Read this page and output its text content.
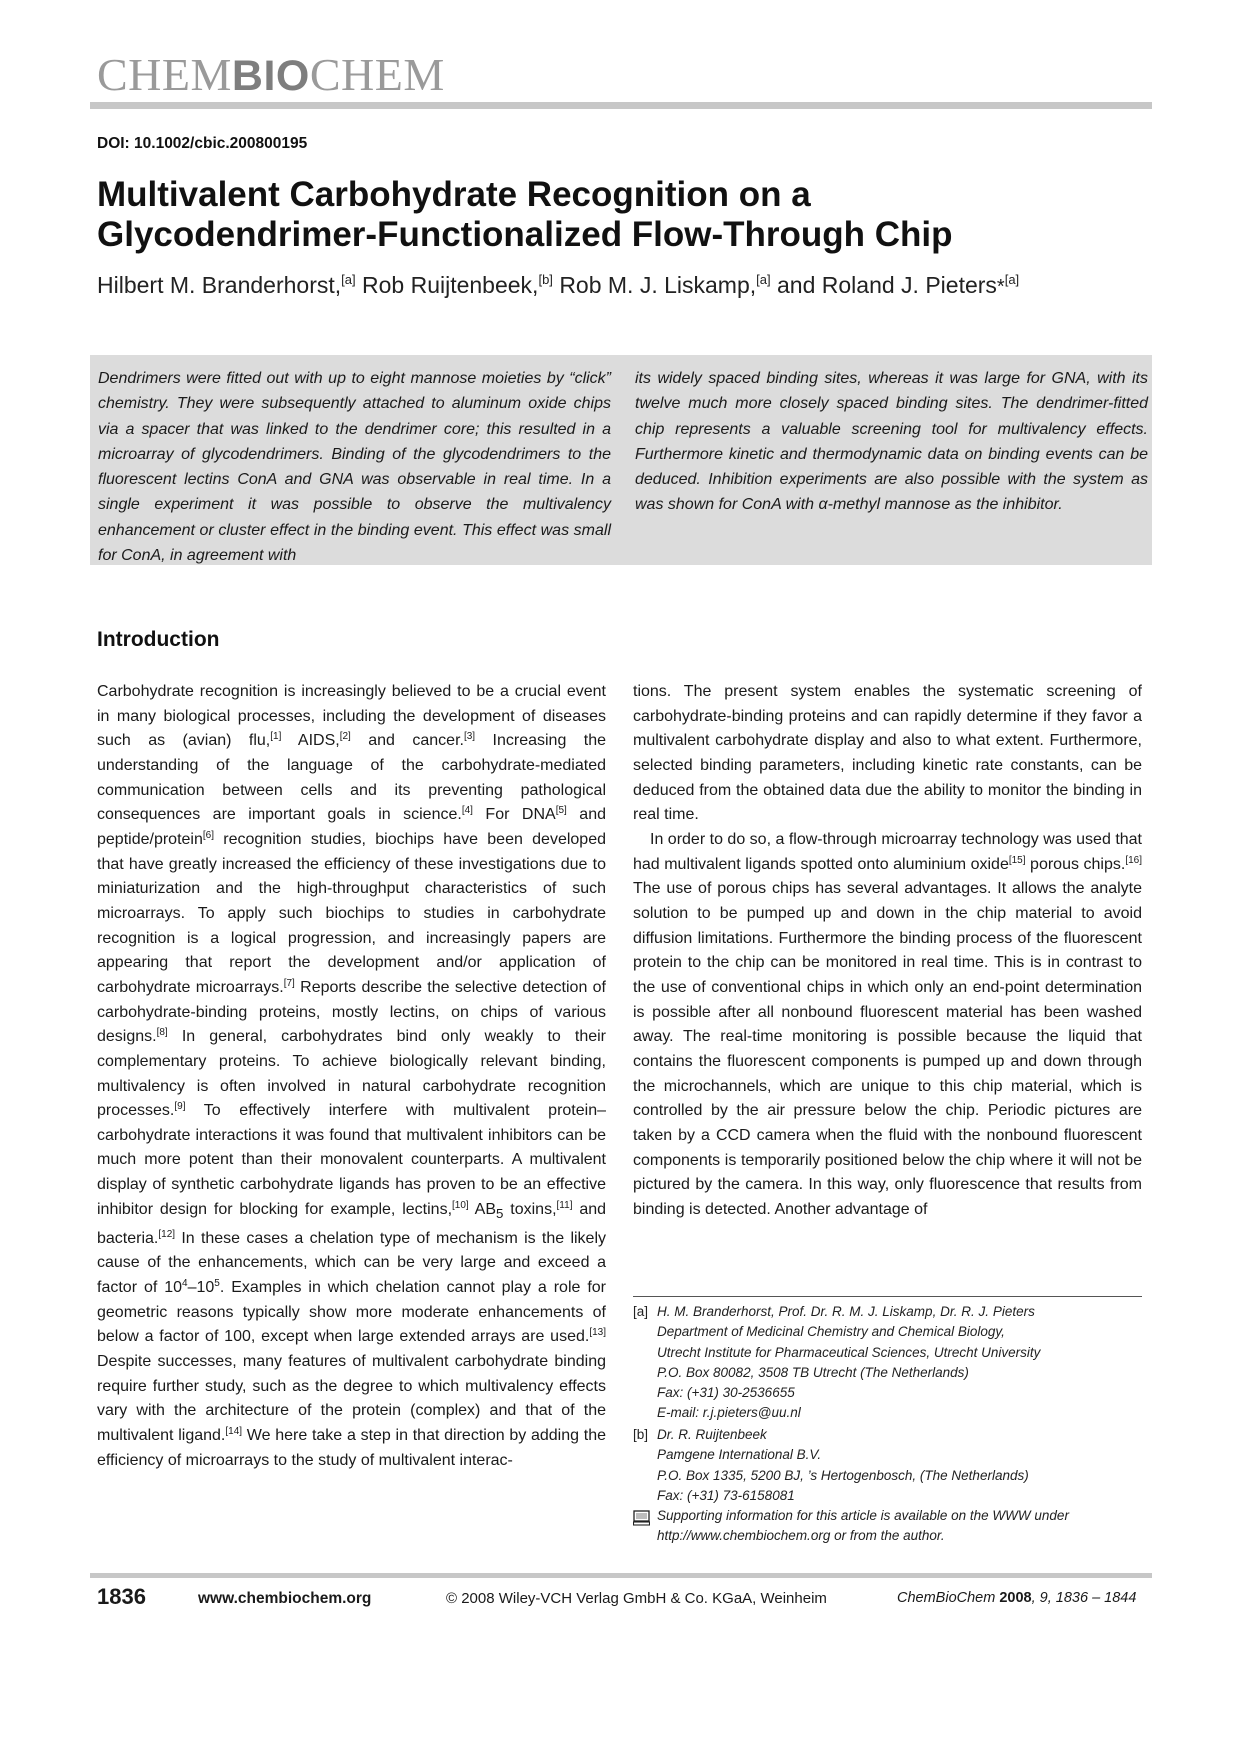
CHEMBIOCHEM
DOI: 10.1002/cbic.200800195
Multivalent Carbohydrate Recognition on a
Glycodendrimer-Functionalized Flow-Through Chip
Hilbert M. Branderhorst,[a] Rob Ruijtenbeek,[b] Rob M. J. Liskamp,[a] and Roland J. Pieters*[a]

Dendrimers were fitted out with up to eight mannose moieties by “click” chemistry. They were subsequently attached to aluminum oxide chips via a spacer that was linked to the dendrimer core; this resulted in a microarray of glycodendrimers. Binding of the glycodendrimers to the fluorescent lectins ConA and GNA was observable in real time. In a single experiment it was possible to observe the multivalency enhancement or cluster effect in the binding event. This effect was small for ConA, in agreement with

its widely spaced binding sites, whereas it was large for GNA, with its twelve much more closely spaced binding sites. The dendrimer-fitted chip represents a valuable screening tool for multivalency effects. Furthermore kinetic and thermodynamic data on binding events can be deduced. Inhibition experiments are also possible with the system as was shown for ConA with α-methyl mannose as the inhibitor.

Introduction

Carbohydrate recognition is increasingly believed to be a crucial event in many biological processes, including the development of diseases such as (avian) flu,[1] AIDS,[2] and cancer.[3] Increasing the understanding of the language of the carbohydrate-mediated communication between cells and its preventing pathological consequences are important goals in science.[4] For DNA[5] and peptide/protein[6] recognition studies, biochips have been developed that have greatly increased the efficiency of these investigations due to miniaturization and the high-throughput characteristics of such microarrays. To apply such biochips to studies in carbohydrate recognition is a logical progression, and increasingly papers are appearing that report the development and/or application of carbohydrate microarrays.[7] Reports describe the selective detection of carbohydrate-binding proteins, mostly lectins, on chips of various designs.[8] In general, carbohydrates bind only weakly to their complementary proteins. To achieve biologically relevant binding, multivalency is often involved in natural carbohydrate recognition processes.[9] To effectively interfere with multivalent protein–carbohydrate interactions it was found that multivalent inhibitors can be much more potent than their monovalent counterparts. A multivalent display of synthetic carbohydrate ligands has proven to be an effective inhibitor design for blocking for example, lectins,[10] $AB_5$ toxins,[11] and bacteria.[12] In these cases a chelation type of mechanism is the likely cause of the enhancements, which can be very large and exceed a factor of $10^4-10^5$. Examples in which chelation cannot play a role for geometric reasons typically show more moderate enhancements of below a factor of 100, except when large extended arrays are used.[13] Despite successes, many features of multivalent carbohydrate binding require further study, such as the degree to which multivalency effects vary with the architecture of the protein (complex) and that of the multivalent ligand.[14] We here take a step in that direction by adding the efficiency of microarrays to the study of multivalent interac-

tions. The present system enables the systematic screening of carbohydrate-binding proteins and can rapidly determine if they favor a multivalent carbohydrate display and also to what extent. Furthermore, selected binding parameters, including kinetic rate constants, can be deduced from the obtained data due the ability to monitor the binding in real time.

In order to do so, a flow-through microarray technology was used that had multivalent ligands spotted onto aluminium oxide[15] porous chips.[16] The use of porous chips has several advantages. It allows the analyte solution to be pumped up and down in the chip material to avoid diffusion limitations. Furthermore the binding process of the fluorescent protein to the chip can be monitored in real time. This is in contrast to the use of conventional chips in which only an end-point determination is possible after all nonbound fluorescent material has been washed away. The real-time monitoring is possible because the liquid that contains the fluorescent components is pumped up and down through the microchannels, which are unique to this chip material, which is controlled by the air pressure below the chip. Periodic pictures are taken by a CCD camera when the fluid with the nonbound fluorescent components is temporarily positioned below the chip where it will not be pictured by the camera. In this way, only fluorescence that results from binding is detected. Another advantage of

[a] H. M. Branderhorst, Prof. Dr. R. M. J. Liskamp, Dr. R. J. Pieters
Department of Medicinal Chemistry and Chemical Biology,
Utrecht Institute for Pharmaceutical Sciences, Utrecht University
P.O. Box 80082, 3508 TB Utrecht (The Netherlands)
Fax: (+31) 30-2536655
E-mail: r.j.pieters@uu.nl
[b] Dr. R. Ruijtenbeek
Pamgene International B.V.
P.O. Box 1335, 5200 BJ, ’s Hertogenbosch, (The Netherlands)
Fax: (+31) 73-6158081
Supporting information for this article is available on the WWW under
http://www.chembiochem.org or from the author.
1836	www.chembiochem.org	© 2008 Wiley-VCH Verlag GmbH & Co. KGaA, Weinheim	ChemBioChem 2008, 9, 1836 – 1844
